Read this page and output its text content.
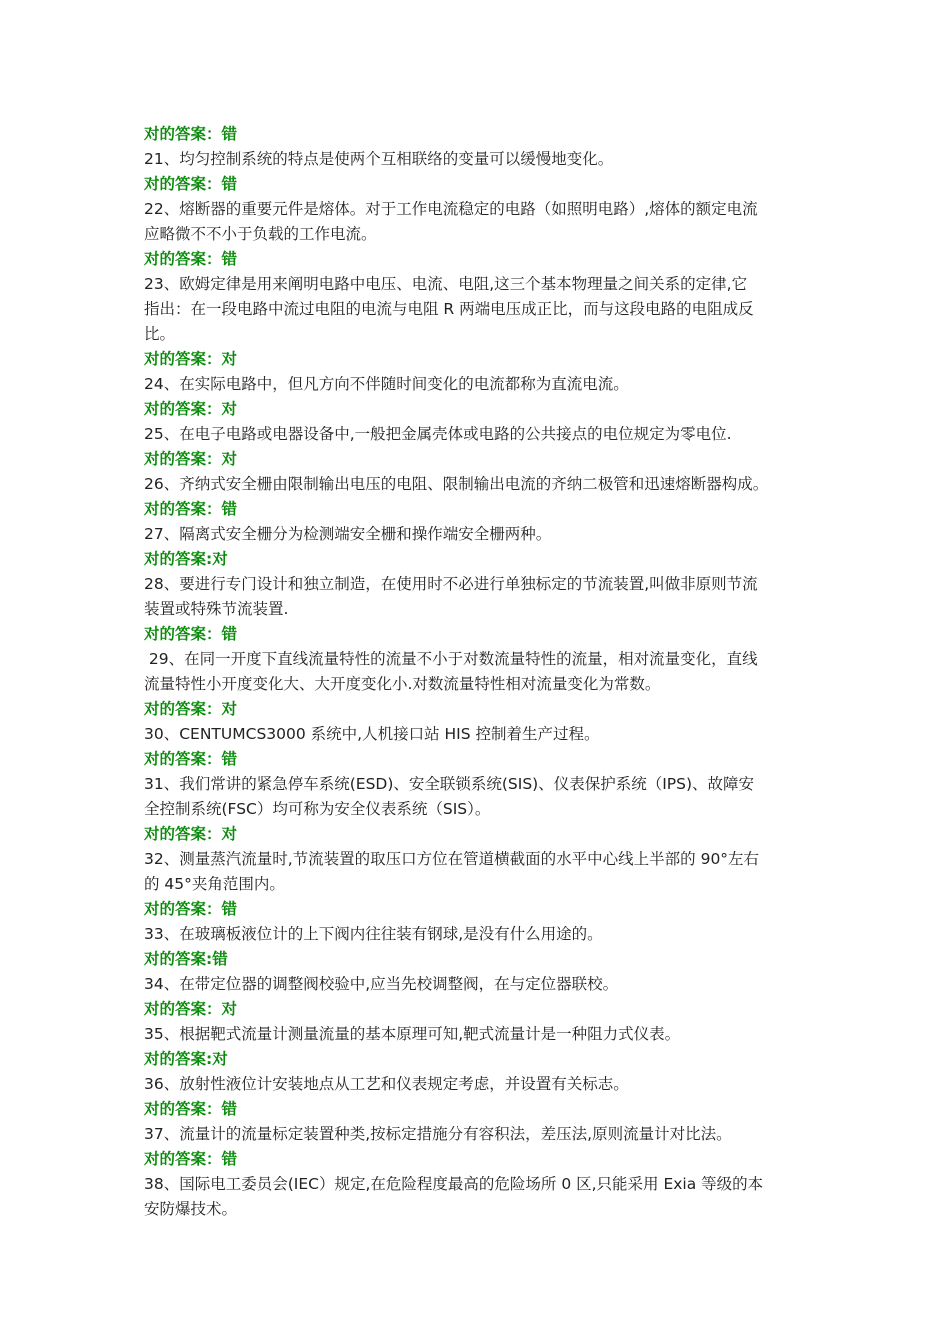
对的答案：错

21、均匀控制系统的特点是使两个互相联络的变量可以缓慢地变化。

对的答案：错

22、熔断器的重要元件是熔体。对于工作电流稳定的电路（如照明电路）,熔体的额定电流

应略微不不小于负载的工作电流。

对的答案：错

23、欧姆定律是用来阐明电路中电压、电流、电阻,这三个基本物理量之间关系的定律,它

指出：在一段电路中流过电阻的电流与电阻 R 两端电压成正比，而与这段电路的电阻成反

比。

对的答案：对

24、在实际电路中，但凡方向不伴随时间变化的电流都称为直流电流。

对的答案：对

25、在电子电路或电器设备中,一般把金属壳体或电路的公共接点的电位规定为零电位.

对的答案：对

26、齐纳式安全栅由限制输出电压的电阻、限制输出电流的齐纳二极管和迅速熔断器构成。

对的答案：错

27、隔离式安全栅分为检测端安全栅和操作端安全栅两种。

对的答案:对

28、要进行专门设计和独立制造，在使用时不必进行单独标定的节流装置,叫做非原则节流

装置或特殊节流装置.

对的答案：错

29、在同一开度下直线流量特性的流量不小于对数流量特性的流量，相对流量变化，直线

流量特性小开度变化大、大开度变化小.对数流量特性相对流量变化为常数。

对的答案：对

30、CENTUMCS3000 系统中,人机接口站 HIS 控制着生产过程。

对的答案：错

31、我们常讲的紧急停车系统(ESD)、安全联锁系统(SIS)、仪表保护系统（IPS)、故障安

全控制系统(FSC）均可称为安全仪表系统（SIS）。

对的答案：对

32、测量蒸汽流量时,节流装置的取压口方位在管道横截面的水平中心线上半部的 90°左右

的 45°夹角范围内。

对的答案：错

33、在玻璃板液位计的上下阀内往往装有钢球,是没有什么用途的。

对的答案:错

34、在带定位器的调整阀校验中,应当先校调整阀，在与定位器联校。

对的答案：对

35、根据靶式流量计测量流量的基本原理可知,靶式流量计是一种阻力式仪表。

对的答案:对

36、放射性液位计安装地点从工艺和仪表规定考虑，并设置有关标志。

对的答案：错

37、流量计的流量标定装置种类,按标定措施分有容积法，差压法,原则流量计对比法。

对的答案：错

38、国际电工委员会(IEC）规定,在危险程度最高的危险场所 0 区,只能采用 Exia 等级的本

安防爆技术。
